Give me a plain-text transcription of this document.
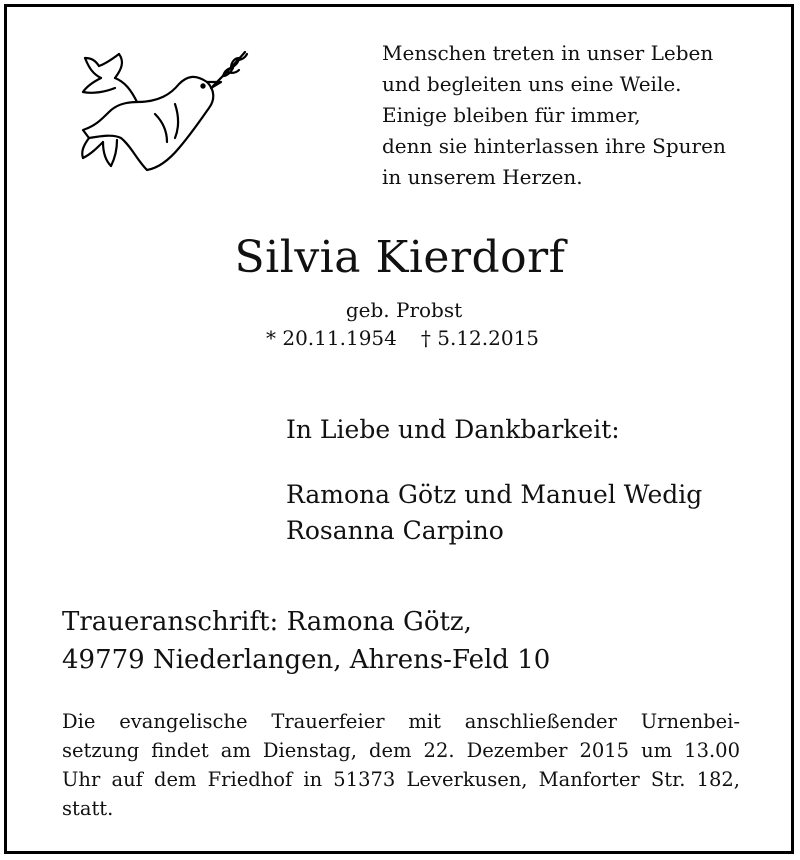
Menschen treten in unser Leben
und begleiten uns eine Weile.
Einige bleiben für immer,
denn sie hinterlassen ihre Spuren
in unserem Herzen.
Silvia Kierdorf
geb. Probst
* 20.11.1954 † 5.12.2015
In Liebe und Dankbarkeit:
Ramona Götz und Manuel Wedig
Rosanna Carpino
Traueranschrift: Ramona Götz,
49779 Niederlangen, Ahrens-Feld 10
Die evangelische Trauerfeier mit anschließender Urnenbei-
setzung findet am Dienstag, dem 22. Dezember 2015 um 13.00
Uhr auf dem Friedhof in 51373 Leverkusen, Manforter Str. 182,
statt.
